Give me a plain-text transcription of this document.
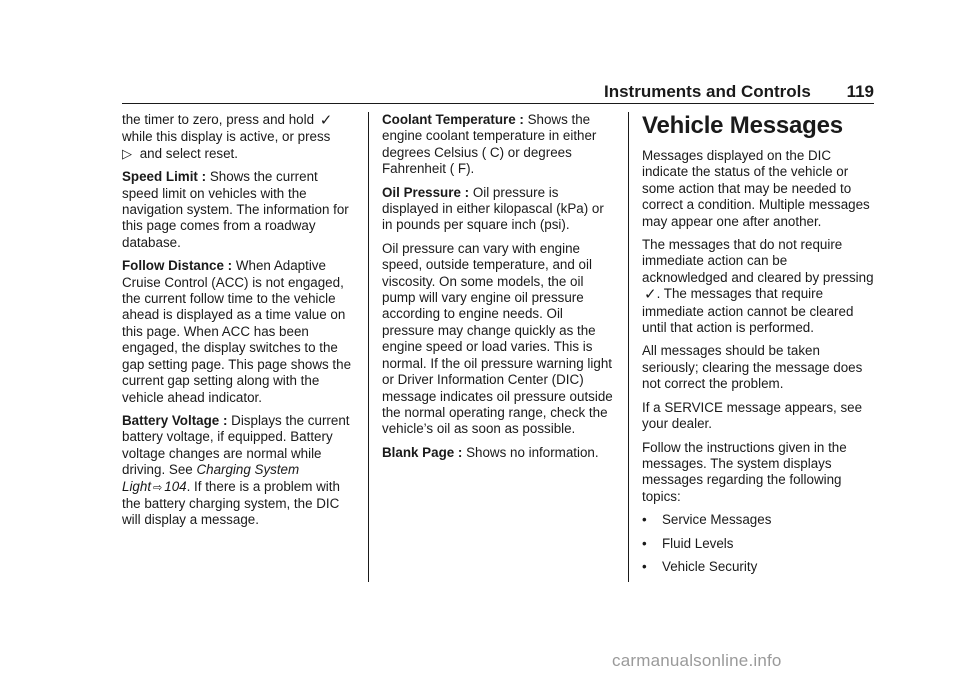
Instruments and Controls 119

the timer to zero, press and hold ✓
while this display is active, or press
▷ and select reset.

Speed Limit : Shows the current speed limit on vehicles with the navigation system. The information for this page comes from a roadway database.

Follow Distance : When Adaptive Cruise Control (ACC) is not engaged, the current follow time to the vehicle ahead is displayed as a time value on this page. When ACC has been engaged, the display switches to the gap setting page. This page shows the current gap setting along with the vehicle ahead indicator.

Battery Voltage : Displays the current battery voltage, if equipped. Battery voltage changes are normal while driving. See Charging System Light ⇨ 104. If there is a problem with the battery charging system, the DIC will display a message.

Coolant Temperature : Shows the engine coolant temperature in either degrees Celsius ( C) or degrees Fahrenheit ( F).

Oil Pressure : Oil pressure is displayed in either kilopascal (kPa) or in pounds per square inch (psi).

Oil pressure can vary with engine speed, outside temperature, and oil viscosity. On some models, the oil pump will vary engine oil pressure according to engine needs. Oil pressure may change quickly as the engine speed or load varies. This is normal. If the oil pressure warning light or Driver Information Center (DIC) message indicates oil pressure outside the normal operating range, check the vehicle’s oil as soon as possible.

Blank Page : Shows no information.

Vehicle Messages

Messages displayed on the DIC indicate the status of the vehicle or some action that may be needed to correct a condition. Multiple messages may appear one after another.

The messages that do not require immediate action can be acknowledged and cleared by pressing ✓. The messages that require immediate action cannot be cleared until that action is performed.

All messages should be taken seriously; clearing the message does not correct the problem.

If a SERVICE message appears, see your dealer.

Follow the instructions given in the messages. The system displays messages regarding the following topics:

•	Service Messages
•	Fluid Levels
•	Vehicle Security
carmanualsonline.info
